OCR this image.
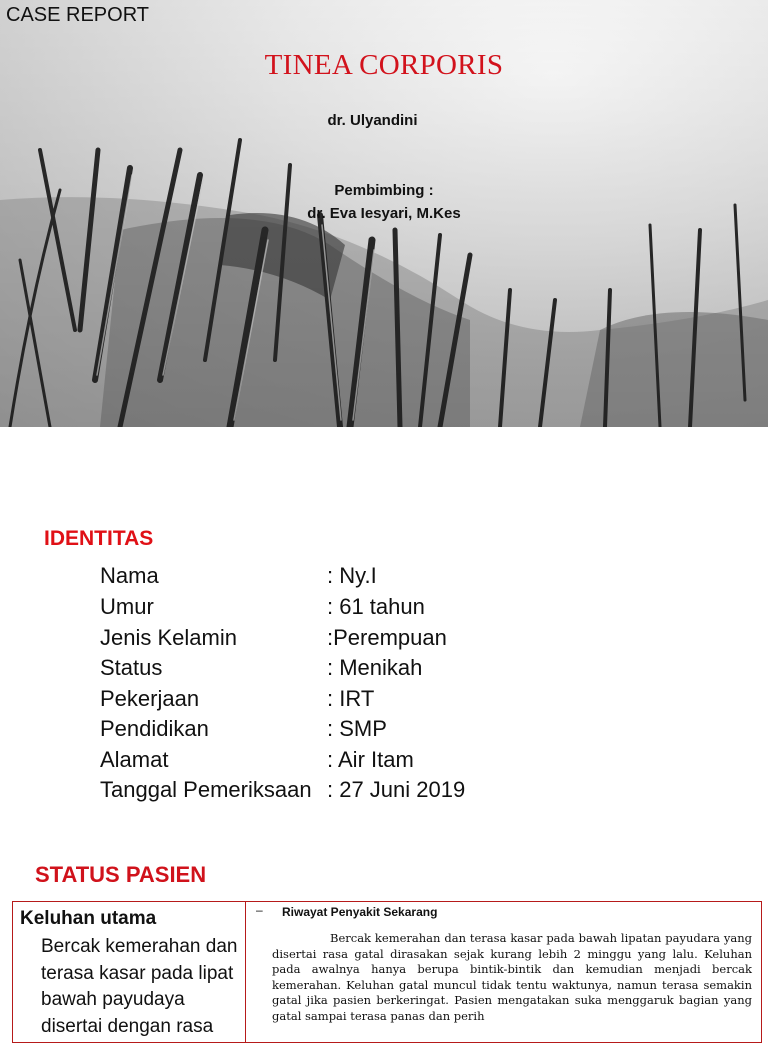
CASE REPORT
TINEA CORPORIS
dr. Ulyandini
Pembimbing :
dr. Eva Iesyari, M.Kes
IDENTITAS
Nama	: Ny.I
Umur	: 61 tahun
Jenis Kelamin	:Perempuan
Status	: Menikah
Pekerjaan	: IRT
Pendidikan	: SMP
Alamat	: Air Itam
Tanggal Pemeriksaan : 27 Juni 2019
STATUS PASIEN
Keluhan utama
Bercak kemerahan dan terasa kasar pada lipat bawah payudaya disertai dengan rasa
– Riwayat Penyakit Sekarang
Bercak kemerahan dan terasa kasar pada bawah lipatan payudara yang disertai rasa gatal dirasakan sejak kurang lebih 2 minggu yang lalu. Keluhan pada awalnya hanya berupa bintik-bintik dan kemudian menjadi bercak kemerahan. Keluhan gatal muncul tidak tentu waktunya, namun terasa semakin gatal jika pasien berkeringat. Pasien mengatakan suka menggaruk bagian yang gatal sampai terasa panas dan perih
